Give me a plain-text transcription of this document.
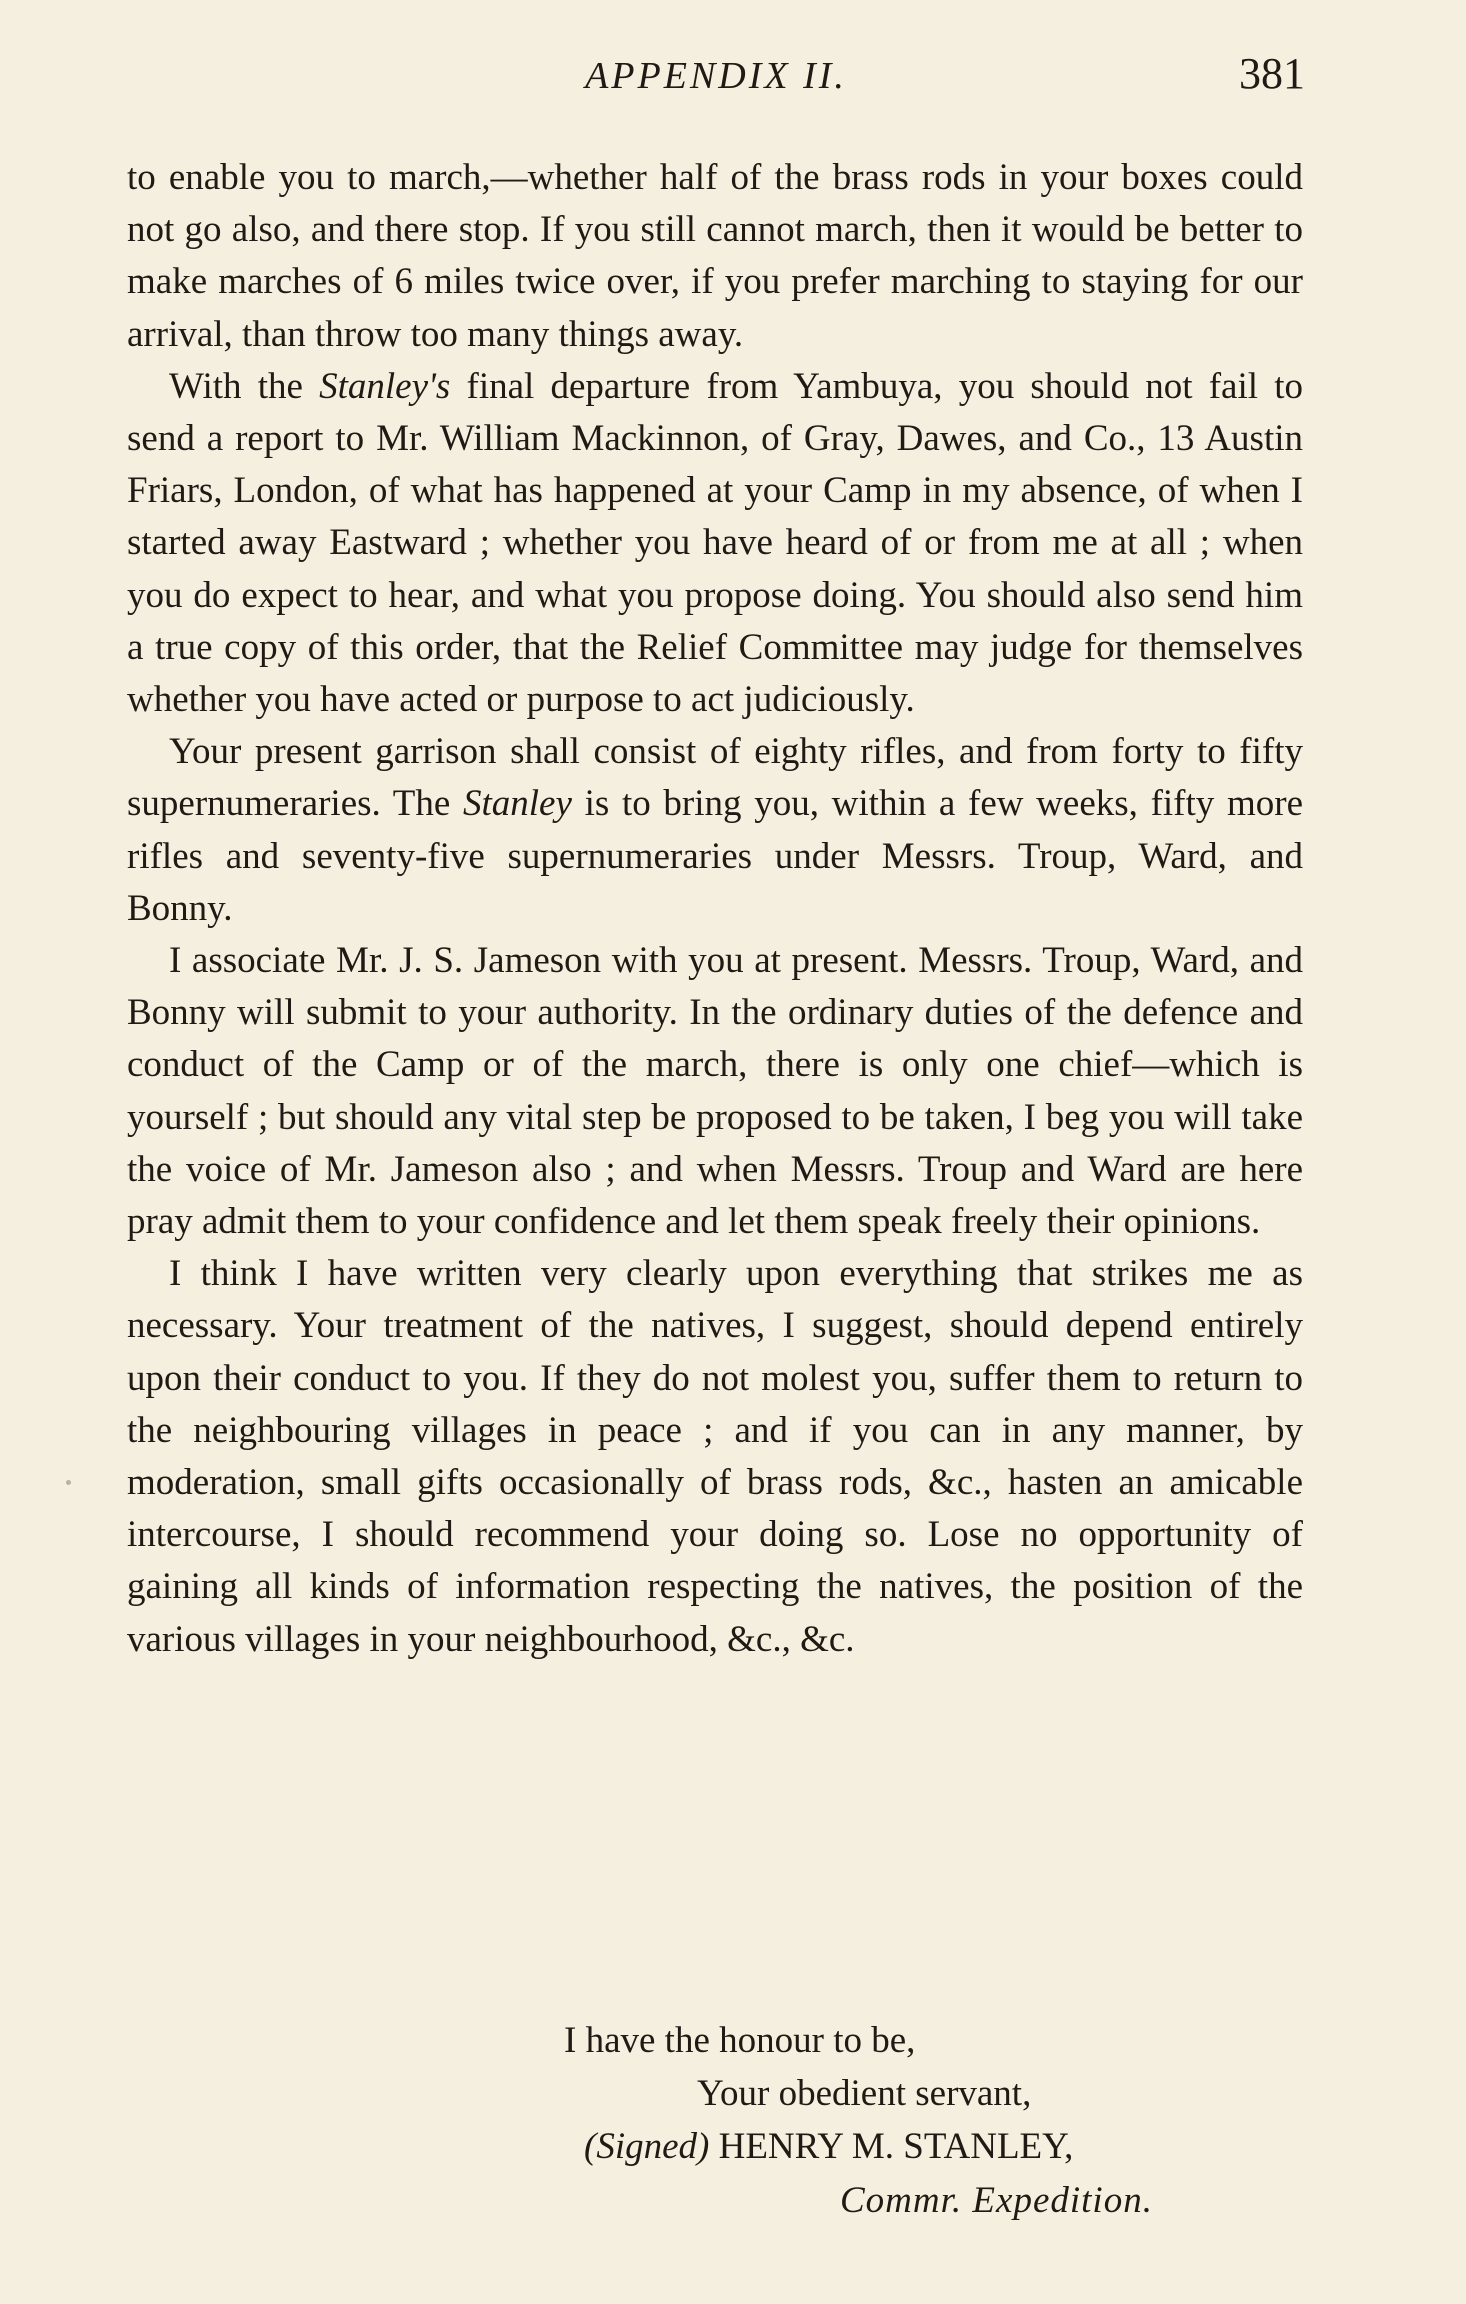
APPENDIX II.	381

to enable you to march,—whether half of the brass rods in your boxes could not go also, and there stop. If you still cannot march, then it would be better to make marches of 6 miles twice over, if you prefer marching to staying for our arrival, than throw too many things away.

With the Stanley's final departure from Yambuya, you should not fail to send a report to Mr. William Mackinnon, of Gray, Dawes, and Co., 13 Austin Friars, London, of what has happened at your Camp in my absence, of when I started away Eastward ; whether you have heard of or from me at all ; when you do expect to hear, and what you propose doing. You should also send him a true copy of this order, that the Relief Committee may judge for themselves whether you have acted or purpose to act judiciously.

Your present garrison shall consist of eighty rifles, and from forty to fifty supernumeraries. The Stanley is to bring you, within a few weeks, fifty more rifles and seventy-five supernumeraries under Messrs. Troup, Ward, and Bonny.

I associate Mr. J. S. Jameson with you at present. Messrs. Troup, Ward, and Bonny will submit to your authority. In the ordinary duties of the defence and conduct of the Camp or of the march, there is only one chief—which is yourself ; but should any vital step be proposed to be taken, I beg you will take the voice of Mr. Jameson also ; and when Messrs. Troup and Ward are here pray admit them to your confidence and let them speak freely their opinions.

I think I have written very clearly upon everything that strikes me as necessary. Your treatment of the natives, I suggest, should depend entirely upon their conduct to you. If they do not molest you, suffer them to return to the neighbouring villages in peace ; and if you can in any manner, by moderation, small gifts occasionally of brass rods, &c., hasten an amicable intercourse, I should recommend your doing so. Lose no opportunity of gaining all kinds of information respecting the natives, the position of the various villages in your neighbourhood, &c., &c.

I have the honour to be,
Your obedient servant,
(Signed) HENRY M. STANLEY,
Commr. Expedition.
